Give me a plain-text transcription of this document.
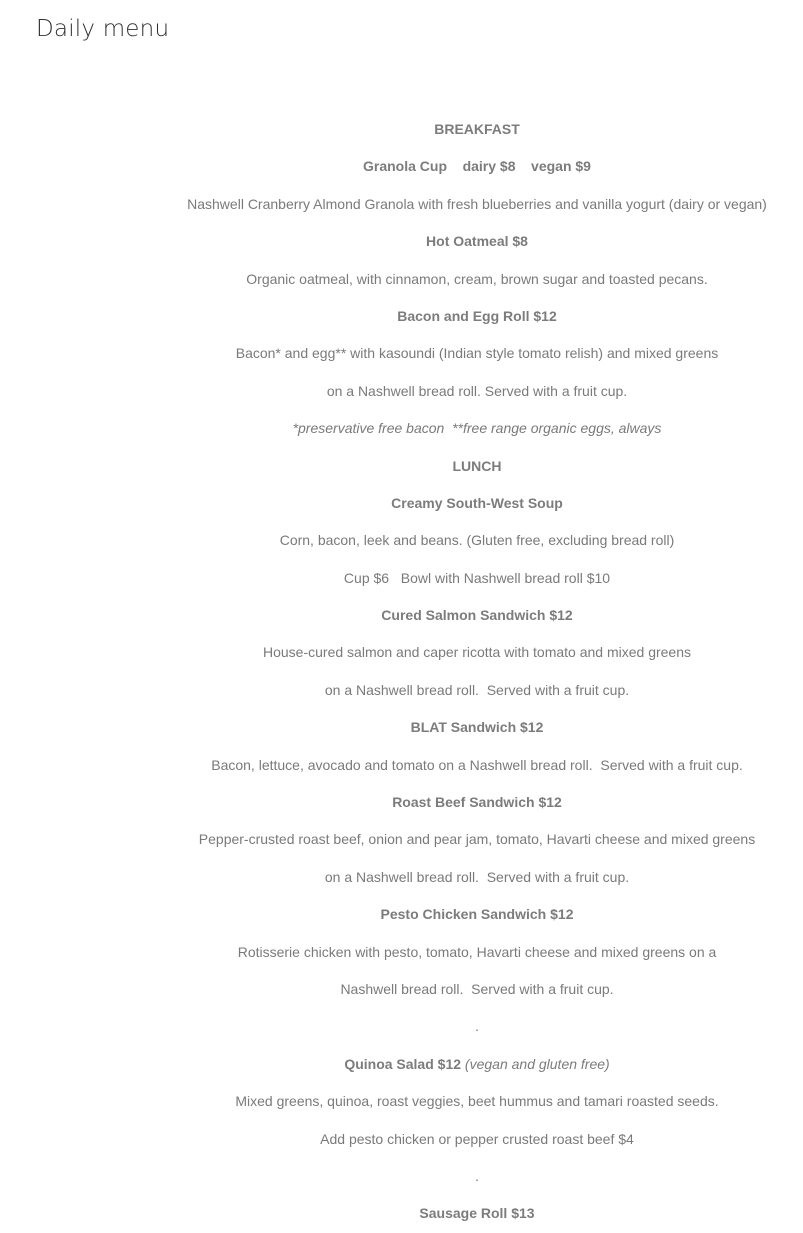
Daily menu
BREAKFAST
Granola Cup    dairy $8    vegan $9
Nashwell Cranberry Almond Granola with fresh blueberries and vanilla yogurt (dairy or vegan)
Hot Oatmeal $8
Organic oatmeal, with cinnamon, cream, brown sugar and toasted pecans.
Bacon and Egg Roll $12
Bacon* and egg** with kasoundi (Indian style tomato relish) and mixed greens
on a Nashwell bread roll. Served with a fruit cup.
*preservative free bacon  **free range organic eggs, always
LUNCH
Creamy South-West Soup
Corn, bacon, leek and beans. (Gluten free, excluding bread roll)
Cup $6   Bowl with Nashwell bread roll $10
Cured Salmon Sandwich $12
House-cured salmon and caper ricotta with tomato and mixed greens
on a Nashwell bread roll.  Served with a fruit cup.
BLAT Sandwich $12
Bacon, lettuce, avocado and tomato on a Nashwell bread roll.  Served with a fruit cup.
Roast Beef Sandwich $12
Pepper-crusted roast beef, onion and pear jam, tomato, Havarti cheese and mixed greens
on a Nashwell bread roll.  Served with a fruit cup.
Pesto Chicken Sandwich $12
Rotisserie chicken with pesto, tomato, Havarti cheese and mixed greens on a
Nashwell bread roll.  Served with a fruit cup.
.
Quinoa Salad $12 (vegan and gluten free)
Mixed greens, quinoa, roast veggies, beet hummus and tamari roasted seeds.
Add pesto chicken or pepper crusted roast beef $4
.
Sausage Roll $13
